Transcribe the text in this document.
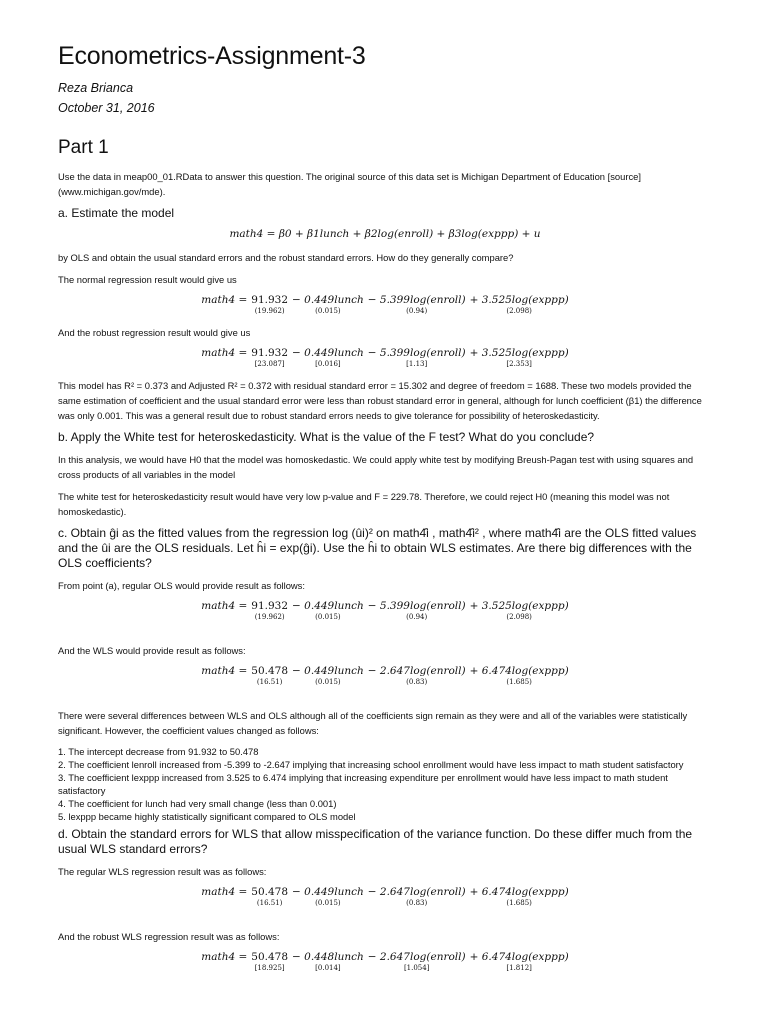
Econometrics-Assignment-3
Reza Brianca
October 31, 2016
Part 1

Use the data in meap00_01.RData to answer this question. The original source of this data set is Michigan Department of Education [source] (www.michigan.gov/mde).

a. Estimate the model
math4 = β0 + β1lunch + β2log(enroll) + β3log(exppp) + u

by OLS and obtain the usual standard errors and the robust standard errors. How do they generally compare?

The normal regression result would give us

math4 = 91.932
(19.962)
− 0.449lunch
(0.015)
− 5.399log(enroll)
(0.94)
+ 3.525log(exppp)
(2.098)

And the robust regression result would give us

math4 = 91.932
[23.087]
− 0.449lunch
[0.016]
− 5.399log(enroll)
[1.13]
+ 3.525log(exppp)
[2.353]

This model has R² = 0.373 and Adjusted R² = 0.372 with residual standard error = 15.302 and degree of freedom = 1688. These two models provided the same estimation of coefficient and the usual standard error were less than robust standard error in general, although for lunch coefficient (β1) the difference was only 0.001. This was a general result due to robust standard errors needs to give tolerance for possibility of heteroskedasticity.

b. Apply the White test for heteroskedasticity. What is the value of the F test? What do you conclude?

In this analysis, we would have H0 that the model was homoskedastic. We could apply white test by modifying Breush-Pagan test with using squares and cross products of all variables in the model

The white test for heteroskedasticity result would have very low p-value and F = 229.78. Therefore, we could reject H0 (meaning this model was not homoskedastic).

c. Obtain ĝi as the fitted values from the regression log (ûi)² on math4̂i , math4̂i² , where math4̂i are the OLS fitted values and the ûi are the OLS residuals. Let ĥi = exp(ĝi). Use the ĥi to obtain WLS estimates. Are there big differences with the OLS coefficients?

From point (a), regular OLS would provide result as follows:

math4 = 91.932
(19.962)
− 0.449lunch
(0.015)
− 5.399log(enroll)
(0.94)
+ 3.525log(exppp)
(2.098)

And the WLS would provide result as follows:

math4 = 50.478
(16.51)
− 0.449lunch
(0.015)
− 2.647log(enroll)
(0.83)
+ 6.474log(exppp)
(1.685)

There were several differences between WLS and OLS although all of the coefficients sign remain as they were and all of the variables were statistically significant. However, the coefficient values changed as follows:

1. The intercept decrease from 91.932 to 50.478

2. The coefficient lenroll increased from -5.399 to -2.647 implying that increasing school enrollment would have less impact to math student satisfactory

3. The coefficient lexppp increased from 3.525 to 6.474 implying that increasing expenditure per enrollment would have less impact to math student satisfactory

4. The coefficient for lunch had very small change (less than 0.001)

5. lexppp became highly statistically significant compared to OLS model

d. Obtain the standard errors for WLS that allow misspecification of the variance function. Do these differ much from the usual WLS standard errors?

The regular WLS regression result was as follows:

math4 = 50.478
(16.51)
− 0.449lunch
(0.015)
− 2.647log(enroll)
(0.83)
+ 6.474log(exppp)
(1.685)

And the robust WLS regression result was as follows:

math4 = 50.478
[18.925]
− 0.448lunch
[0.014]
− 2.647log(enroll)
[1.054]
+ 6.474log(exppp)
[1.812]
